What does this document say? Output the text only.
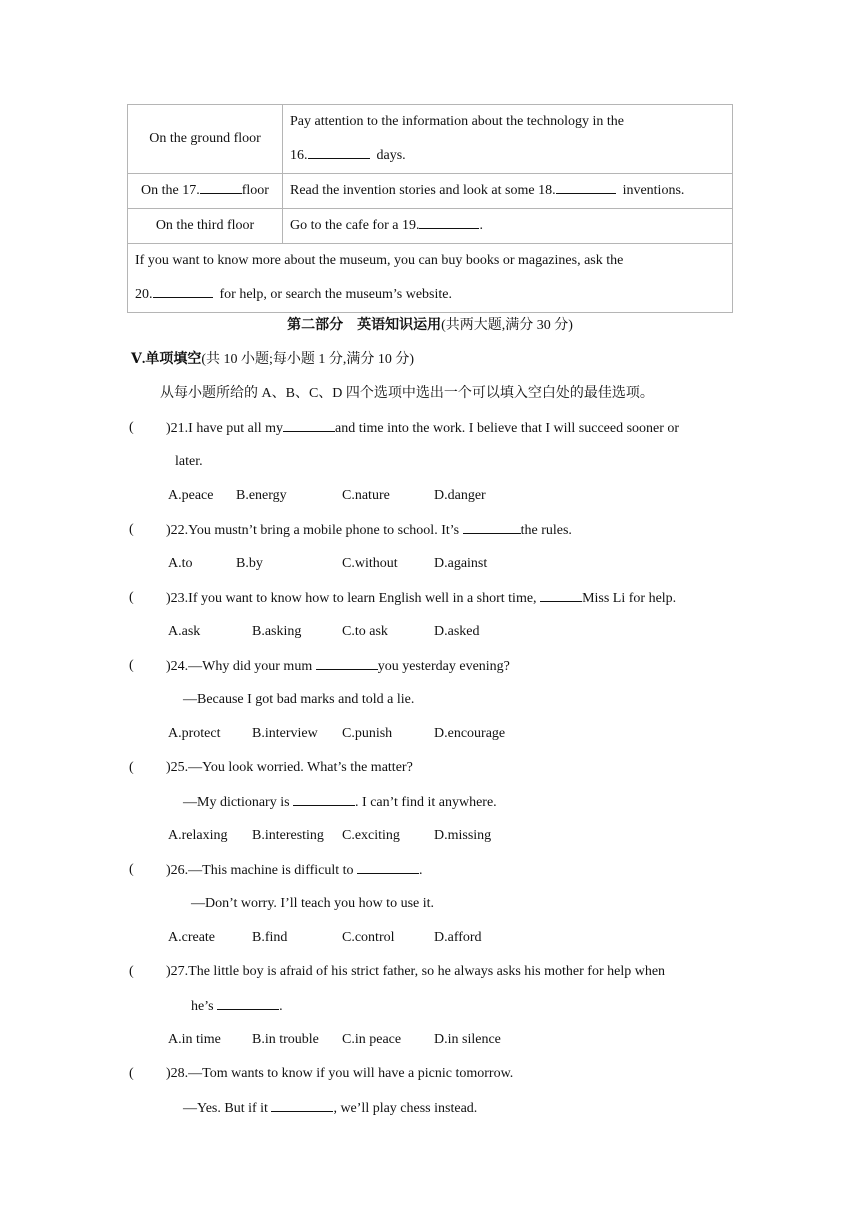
On the ground floor	Pay attention to the information about the technology in the
16. days.

On the 17. floor	Read the invention stories and look at some 18. inventions.
On the third floor	Go to the cafe for a 19. .

If you want to know more about the museum, you can buy books or magazines, ask the
20. for help, or search the museum’s website.	
第二部分 英语知识运用(共两大题,满分 30 分)
Ⅴ.单项填空(共 10 小题;每小题 1 分,满分 10 分)
从每小题所给的 A、B、C、D 四个选项中选出一个可以填入空白处的最佳选项。
( )21.I have put all my	and time into the work. I believe that I will succeed sooner or
later.
A.peace B.energy	C.nature	D.danger
( )22.You mustn’t bring a mobile phone to school. It’s	the rules.
A.to	B.by	C.without	D.against
( )23.If you want to know how to learn English well in a short time,	Miss Li for help.
A.ask	B.asking	C.to ask	D.asked
( )24.—Why did your mum	you yesterday evening?
—Because I got bad marks and told a lie.
A.protect B.interview C.punish	D.encourage
( )25.—You look worried. What’s the matter?
—My dictionary is	. I can’t find it anywhere.
A.relaxing B.interesting C.exciting D.missing
( )26.—This machine is difficult to	.
—Don’t worry. I’ll teach you how to use it.
A.create	B.find	C.control	D.afford
( )27.The little boy is afraid of his strict father, so he always asks his mother for help when
he’s	.
A.in time B.in trouble C.in peace D.in silence
( )28.—Tom wants to know if you will have a picnic tomorrow.
—Yes. But if it	, we’ll play chess instead.
